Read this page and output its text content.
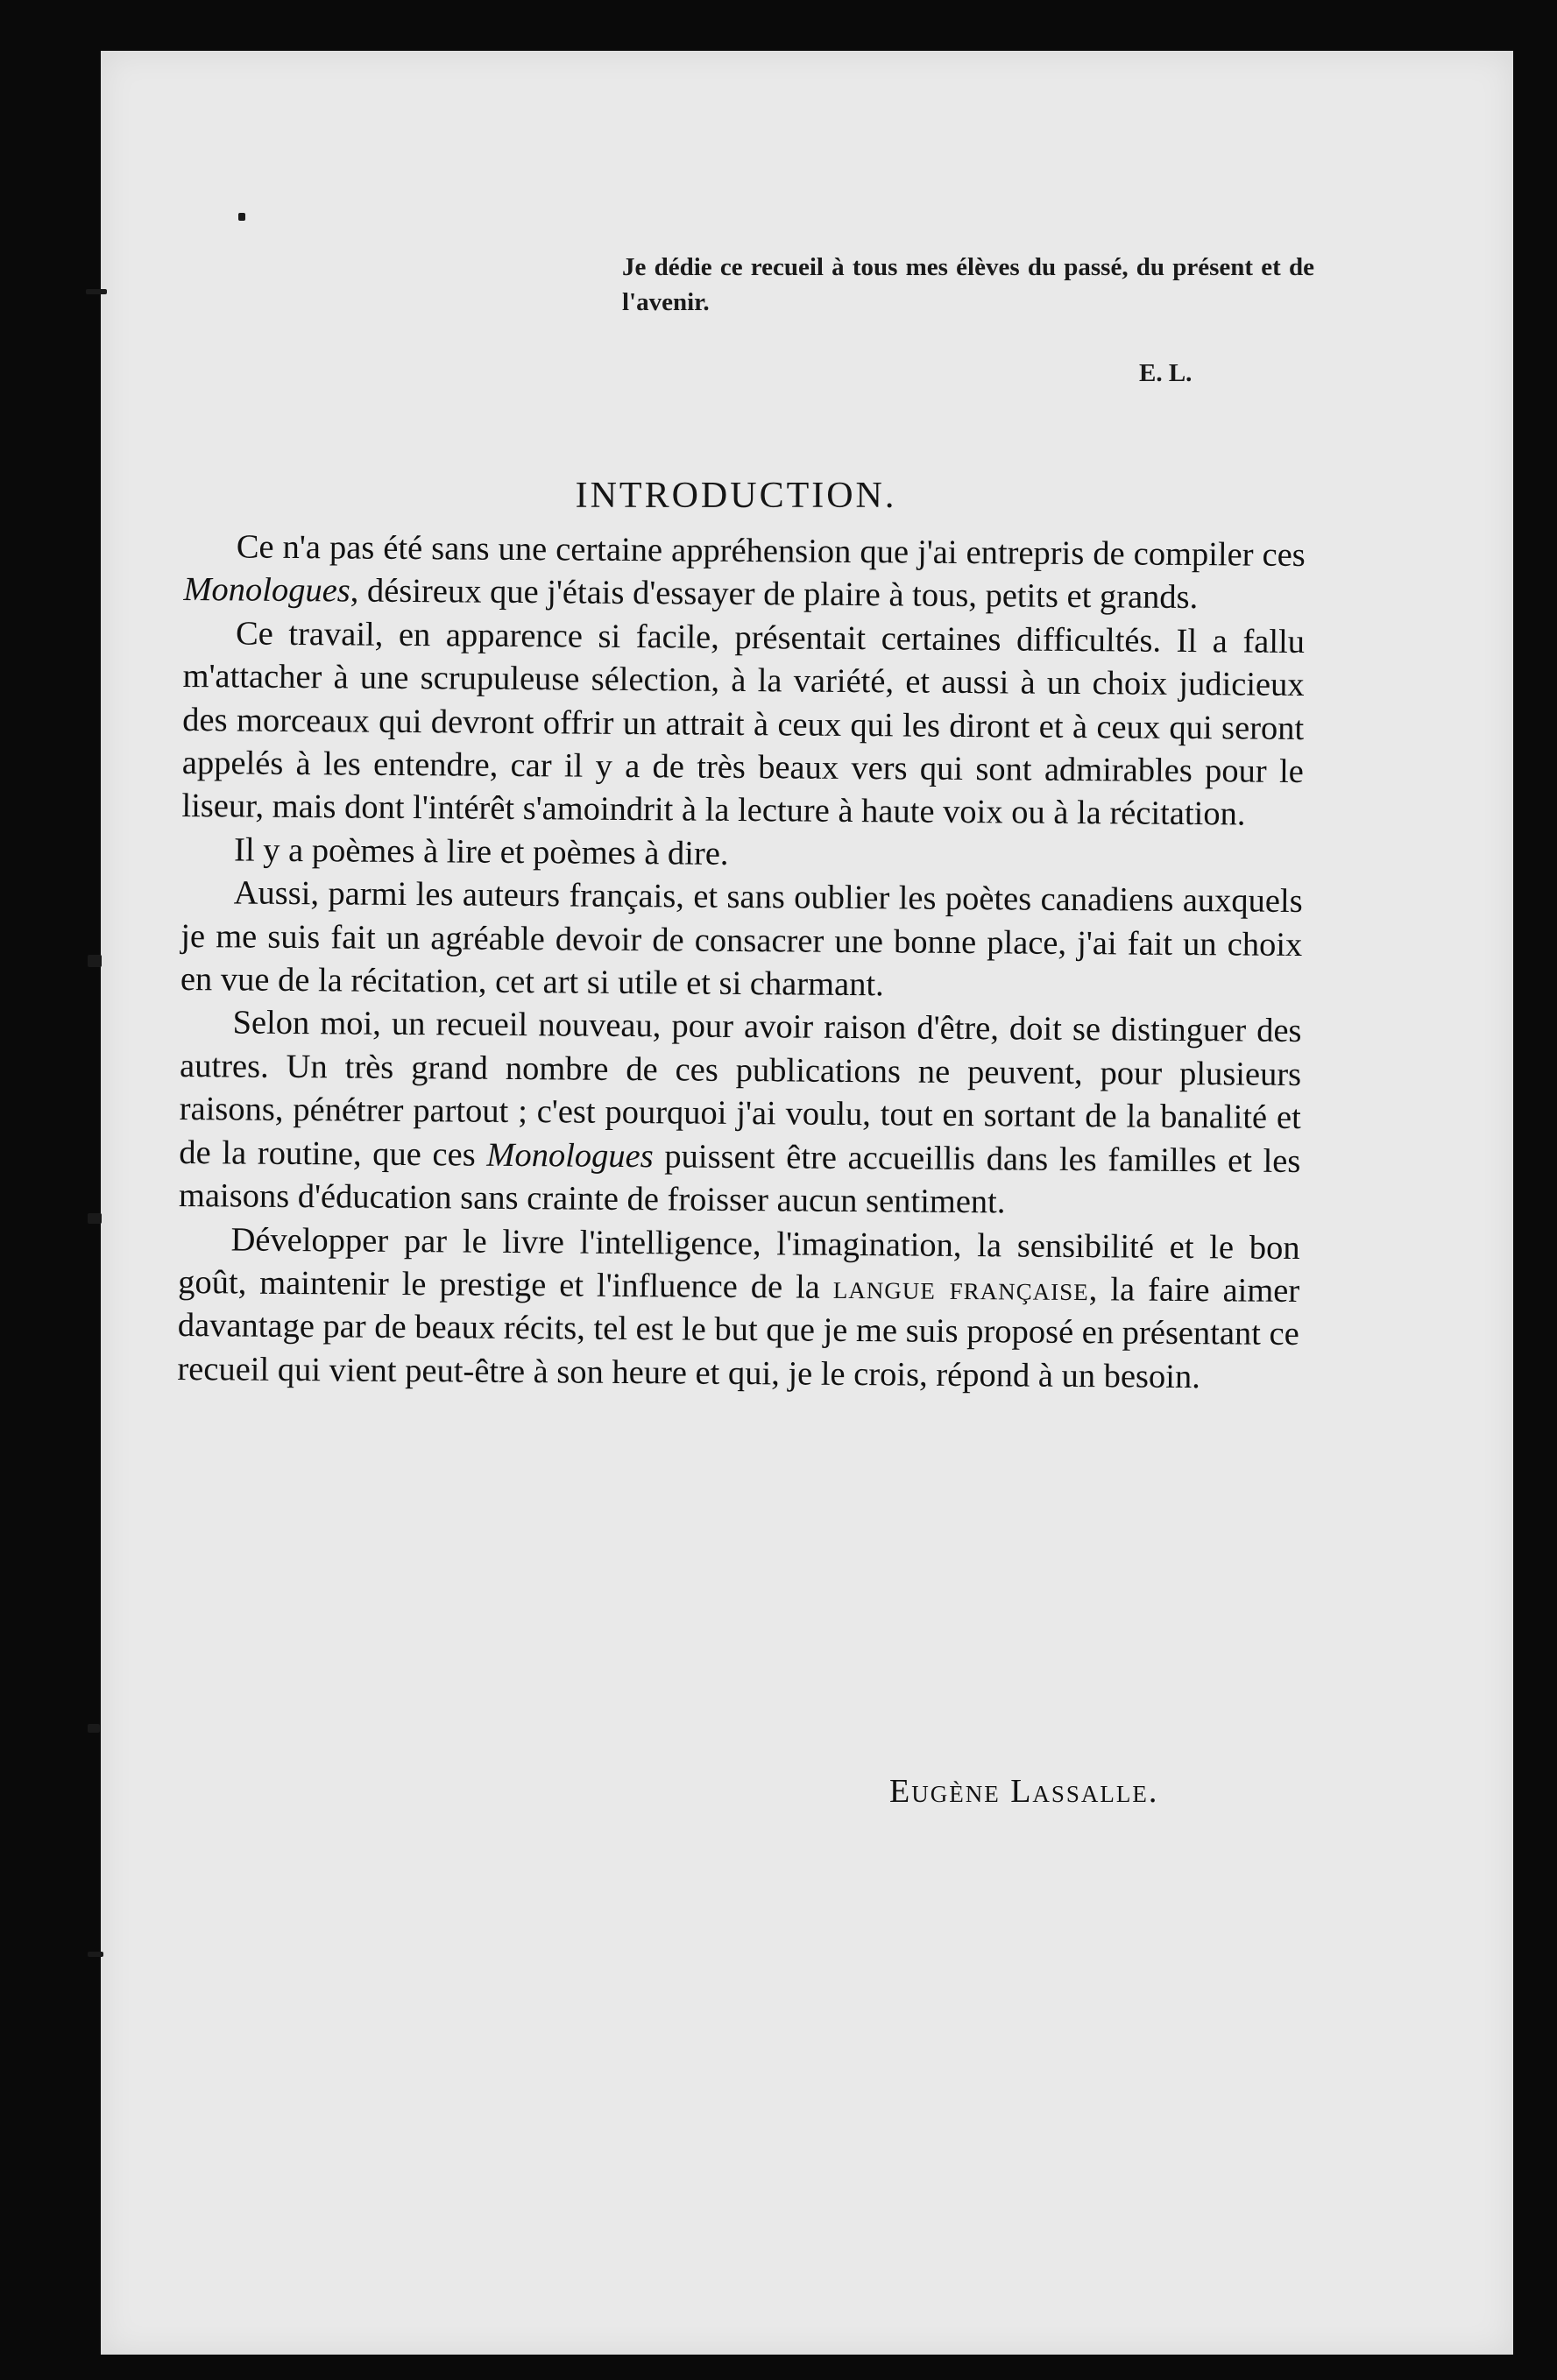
Je dédie ce recueil à tous mes élèves du passé, du présent et de l'avenir.
E. L.
INTRODUCTION.

Ce n'a pas été sans une certaine appréhension que j'ai entrepris de compiler ces Monologues, désireux que j'étais d'essayer de plaire à tous, petits et grands.

Ce travail, en apparence si facile, présentait certaines difficultés. Il a fallu m'attacher à une scrupuleuse sélection, à la variété, et aussi à un choix judicieux des morceaux qui devront offrir un attrait à ceux qui les diront et à ceux qui seront appelés à les entendre, car il y a de très beaux vers qui sont admirables pour le liseur, mais dont l'intérêt s'amoindrit à la lecture à haute voix ou à la récitation.

Il y a poèmes à lire et poèmes à dire.

Aussi, parmi les auteurs français, et sans oublier les poètes canadiens auxquels je me suis fait un agréable devoir de consacrer une bonne place, j'ai fait un choix en vue de la récitation, cet art si utile et si charmant.

Selon moi, un recueil nouveau, pour avoir raison d'être, doit se distinguer des autres. Un très grand nombre de ces publications ne peuvent, pour plusieurs raisons, pénétrer partout ; c'est pourquoi j'ai voulu, tout en sortant de la banalité et de la routine, que ces Monologues puissent être accueillis dans les familles et les maisons d'éducation sans crainte de froisser aucun sentiment.

Développer par le livre l'intelligence, l'imagination, la sensibilité et le bon goût, maintenir le prestige et l'influence de la langue française, la faire aimer davantage par de beaux récits, tel est le but que je me suis proposé en présentant ce recueil qui vient peut-être à son heure et qui, je le crois, répond à un besoin.

Eugène Lassalle.
